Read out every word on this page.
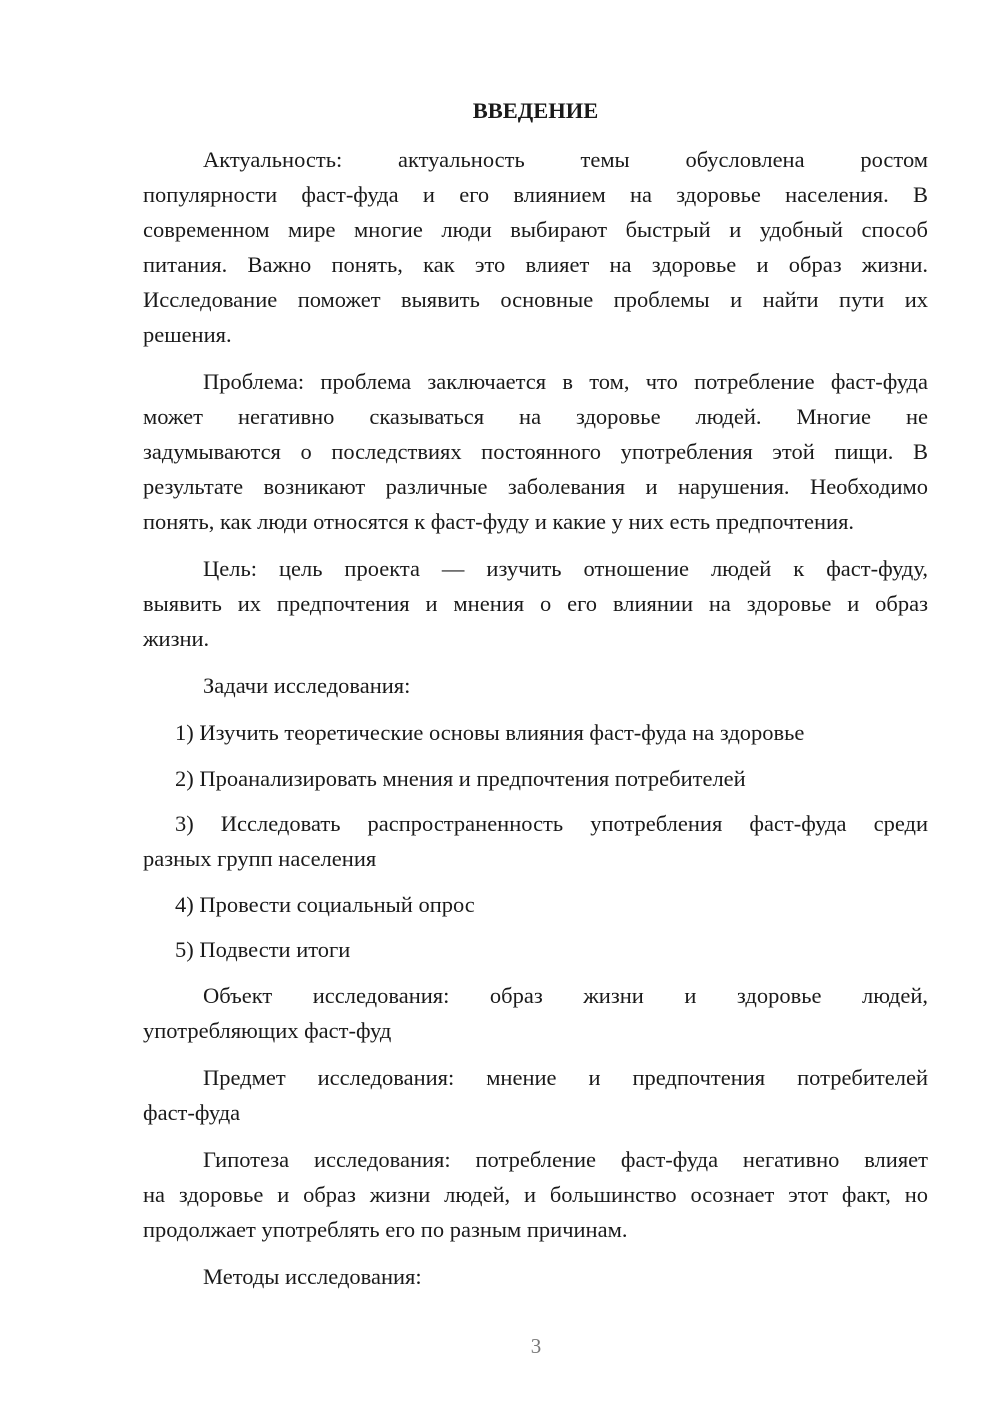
ВВЕДЕНИЕ
Актуальность: актуальность темы обусловлена ростом
популярности фаст-фуда и его влиянием на здоровье населения. В
современном мире многие люди выбирают быстрый и удобный способ
питания. Важно понять, как это влияет на здоровье и образ жизни.
Исследование поможет выявить основные проблемы и найти пути их
решения.
Проблема: проблема заключается в том, что потребление фаст-фуда
может негативно сказываться на здоровье людей. Многие не
задумываются о последствиях постоянного употребления этой пищи. В
результате возникают различные заболевания и нарушения. Необходимо
понять, как люди относятся к фаст-фуду и какие у них есть предпочтения.
Цель: цель проекта — изучить отношение людей к фаст-фуду,
выявить их предпочтения и мнения о его влиянии на здоровье и образ
жизни.
Задачи исследования:
1) Изучить теоретические основы влияния фаст-фуда на здоровье
2) Проанализировать мнения и предпочтения потребителей
3) Исследовать распространенность употребления фаст-фуда среди
разных групп населения
4) Провести социальный опрос
5) Подвести итоги
Объект исследования: образ жизни и здоровье людей,
употребляющих фаст-фуд
Предмет исследования: мнение и предпочтения потребителей
фаст-фуда
Гипотеза исследования: потребление фаст-фуда негативно влияет
на здоровье и образ жизни людей, и большинство осознает этот факт, но
продолжает употреблять его по разным причинам.
Методы исследования:
3
